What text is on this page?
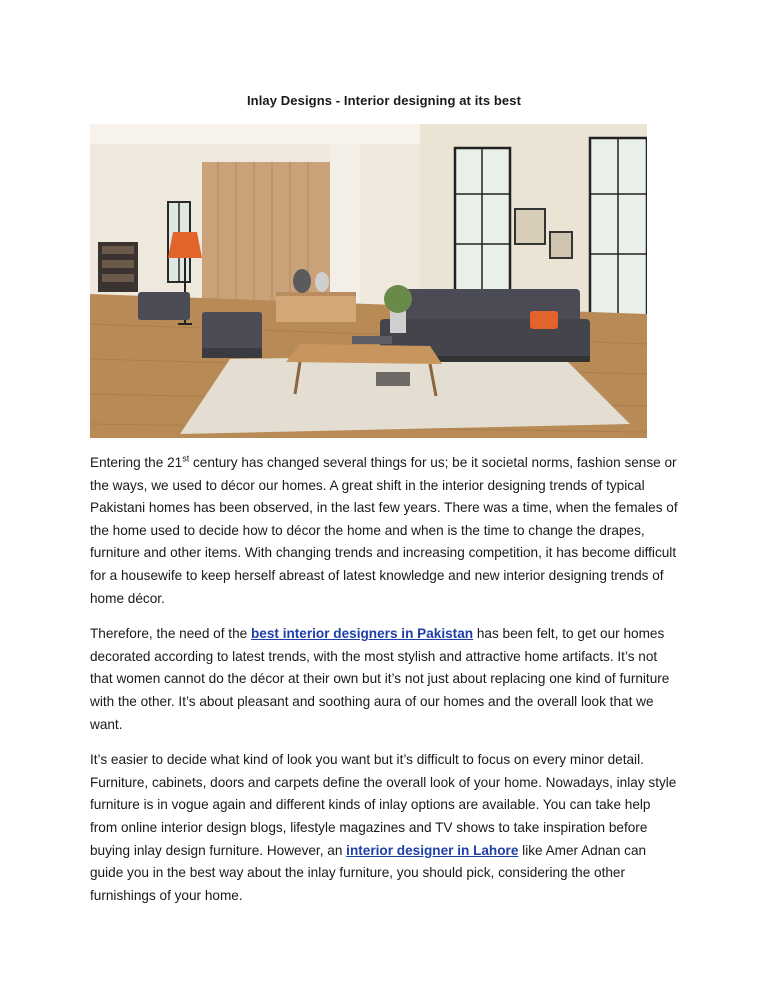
Inlay Designs - Interior designing at its best

Entering the 21st century has changed several things for us; be it societal norms, fashion sense or the ways, we used to décor our homes. A great shift in the interior designing trends of typical Pakistani homes has been observed, in the last few years. There was a time, when the females of the home used to decide how to décor the home and when is the time to change the drapes, furniture and other items. With changing trends and increasing competition, it has become difficult for a housewife to keep herself abreast of latest knowledge and new interior designing trends of home décor.

Therefore, the need of the best interior designers in Pakistan has been felt, to get our homes decorated according to latest trends, with the most stylish and attractive home artifacts. It’s not that women cannot do the décor at their own but it’s not just about replacing one kind of furniture with the other. It’s about pleasant and soothing aura of our homes and the overall look that we want.

It’s easier to decide what kind of look you want but it’s difficult to focus on every minor detail. Furniture, cabinets, doors and carpets define the overall look of your home. Nowadays, inlay style furniture is in vogue again and different kinds of inlay options are available. You can take help from online interior design blogs, lifestyle magazines and TV shows to take inspiration before buying inlay design furniture. However, an interior designer in Lahore like Amer Adnan can guide you in the best way about the inlay furniture, you should pick, considering the other furnishings of your home.
